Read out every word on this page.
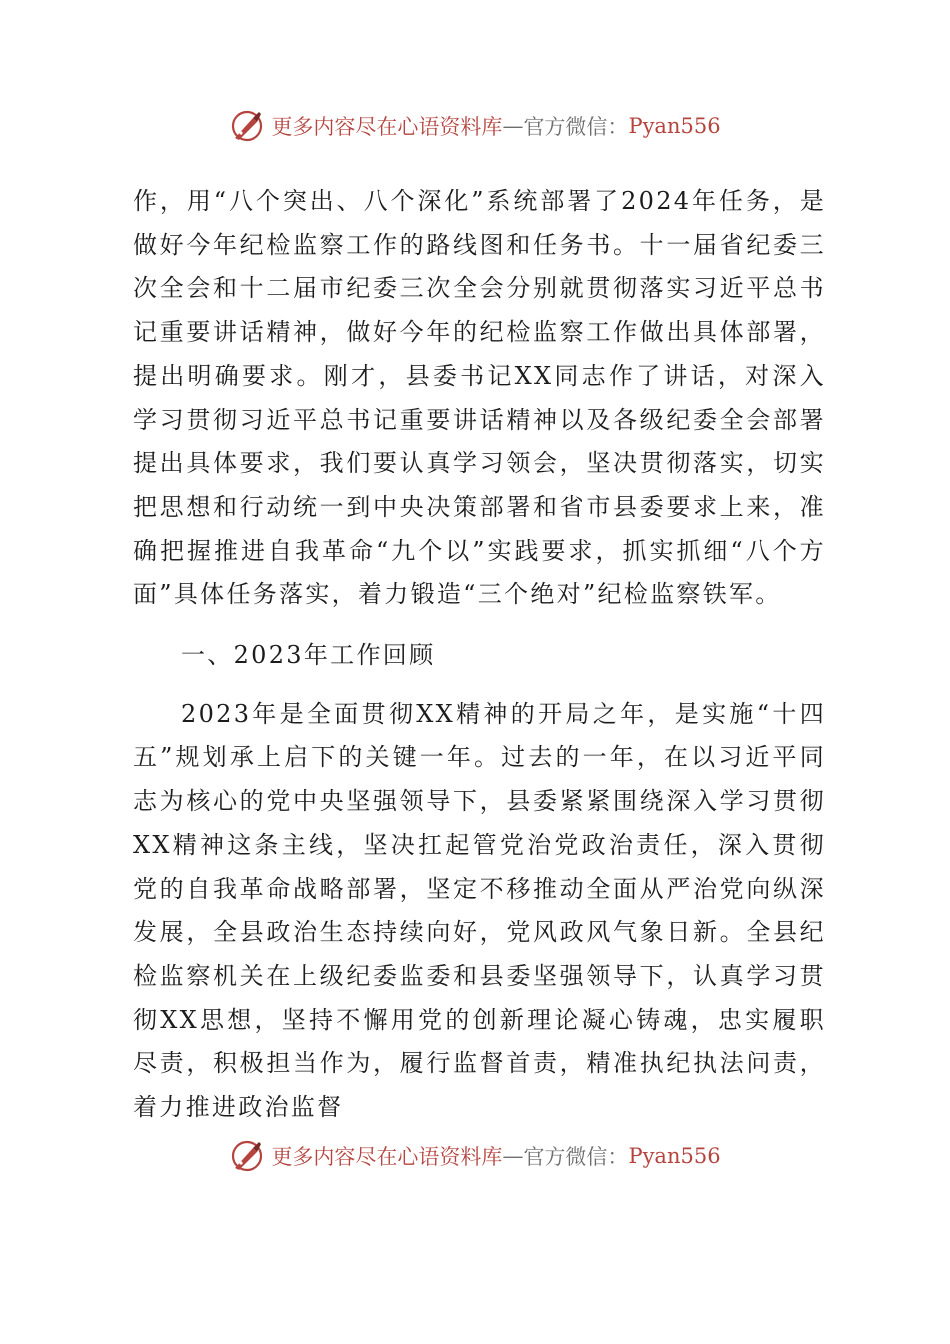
更多内容尽在心语资料库 — 官方微信： Pyan556

作，用“八个突出、八个深化”系统部署了2024年任务，是做好今年纪检监察工作的路线图和任务书。十一届省纪委三次全会和十二届市纪委三次全会分别就贯彻落实习近平总书记重要讲话精神，做好今年的纪检监察工作做出具体部署，提出明确要求。刚才，县委书记XX同志作了讲话，对深入学习贯彻习近平总书记重要讲话精神以及各级纪委全会部署提出具体要求，我们要认真学习领会，坚决贯彻落实，切实把思想和行动统一到中央决策部署和省市县委要求上来，准确把握推进自我革命“九个以”实践要求，抓实抓细“八个方面”具体任务落实，着力锻造“三个绝对”纪检监察铁军。

一、2023年工作回顾

2023年是全面贯彻XX精神的开局之年，是实施“十四五”规划承上启下的关键一年。过去的一年，在以习近平同志为核心的党中央坚强领导下，县委紧紧围绕深入学习贯彻XX精神这条主线，坚决扛起管党治党政治责任，深入贯彻党的自我革命战略部署，坚定不移推动全面从严治党向纵深发展，全县政治生态持续向好，党风政风气象日新。全县纪检监察机关在上级纪委监委和县委坚强领导下，认真学习贯彻XX思想，坚持不懈用党的创新理论凝心铸魂，忠实履职尽责，积极担当作为，履行监督首责，精准执纪执法问责，着力推进政治监督

更多内容尽在心语资料库 — 官方微信： Pyan556
